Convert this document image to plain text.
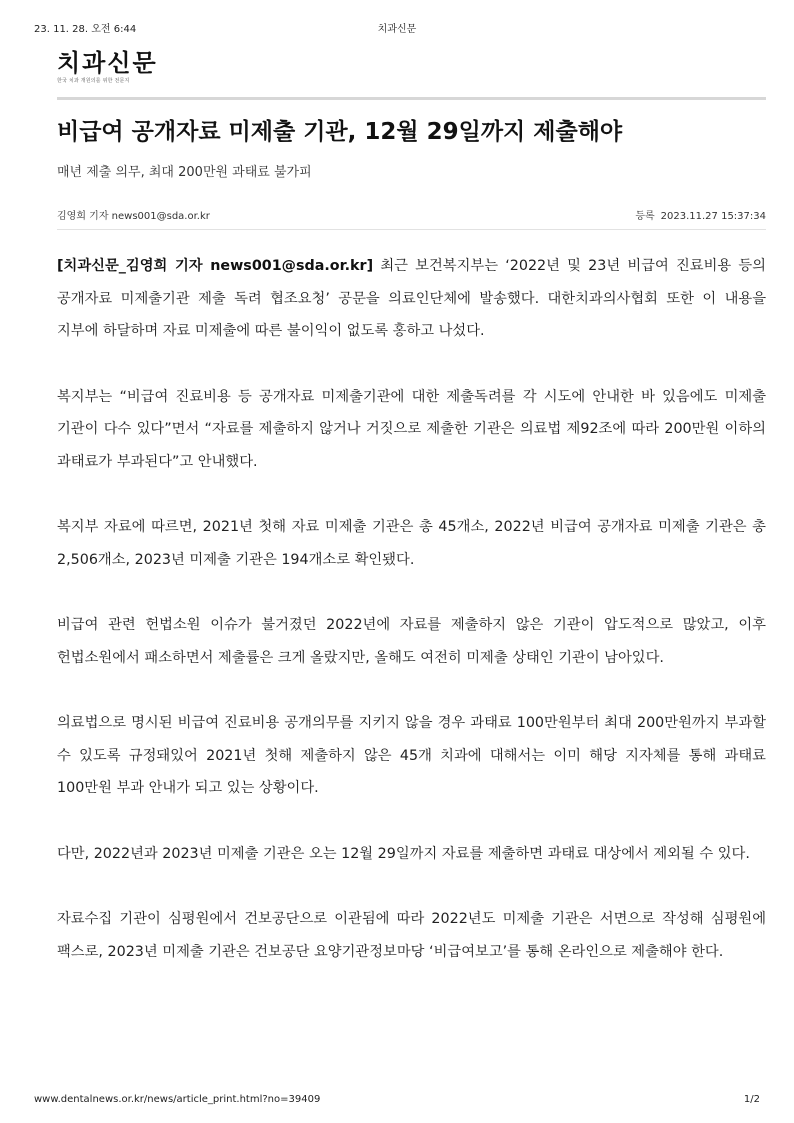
23. 11. 28. 오전 6:44	치과신문
치과신문
한국 치과 개원의를 위한 전문지
비급여 공개자료 미제출 기관, 12월 29일까지 제출해야
매년 제출 의무, 최대 200만원 과태료 불가피
김영희 기자 news001@sda.or.kr	등록 2023.11.27 15:37:34

[치과신문_김영희 기자 news001@sda.or.kr] 최근 보건복지부는 ‘2022년 및 23년 비급여 진료비용 등의 공개자료 미제출기관 제출 독려 협조요청’ 공문을 의료인단체에 발송했다. 대한치과의사협회 또한 이 내용을 지부에 하달하며 자료 미제출에 따른 불이익이 없도록 홍하고 나섰다.

복지부는 “비급여 진료비용 등 공개자료 미제출기관에 대한 제출독려를 각 시도에 안내한 바 있음에도 미제출 기관이 다수 있다”면서 “자료를 제출하지 않거나 거짓으로 제출한 기관은 의료법 제92조에 따라 200만원 이하의 과태료가 부과된다”고 안내했다.

복지부 자료에 따르면, 2021년 첫해 자료 미제출 기관은 총 45개소, 2022년 비급여 공개자료 미제출 기관은 총 2,506개소, 2023년 미제출 기관은 194개소로 확인됐다.

비급여 관련 헌법소원 이슈가 불거졌던 2022년에 자료를 제출하지 않은 기관이 압도적으로 많았고, 이후 헌법소원에서 패소하면서 제출률은 크게 올랐지만, 올해도 여전히 미제출 상태인 기관이 남아있다.

의료법으로 명시된 비급여 진료비용 공개의무를 지키지 않을 경우 과태료 100만원부터 최대 200만원까지 부과할 수 있도록 규정돼있어 2021년 첫해 제출하지 않은 45개 치과에 대해서는 이미 해당 지자체를 통해 과태료 100만원 부과 안내가 되고 있는 상황이다.

다만, 2022년과 2023년 미제출 기관은 오는 12월 29일까지 자료를 제출하면 과태료 대상에서 제외될 수 있다.

자료수집 기관이 심평원에서 건보공단으로 이관됨에 따라 2022년도 미제출 기관은 서면으로 작성해 심평원에 팩스로, 2023년 미제출 기관은 건보공단 요양기관정보마당 ‘비급여보고’를 통해 온라인으로 제출해야 한다.

www.dentalnews.or.kr/news/article_print.html?no=39409	1/2
